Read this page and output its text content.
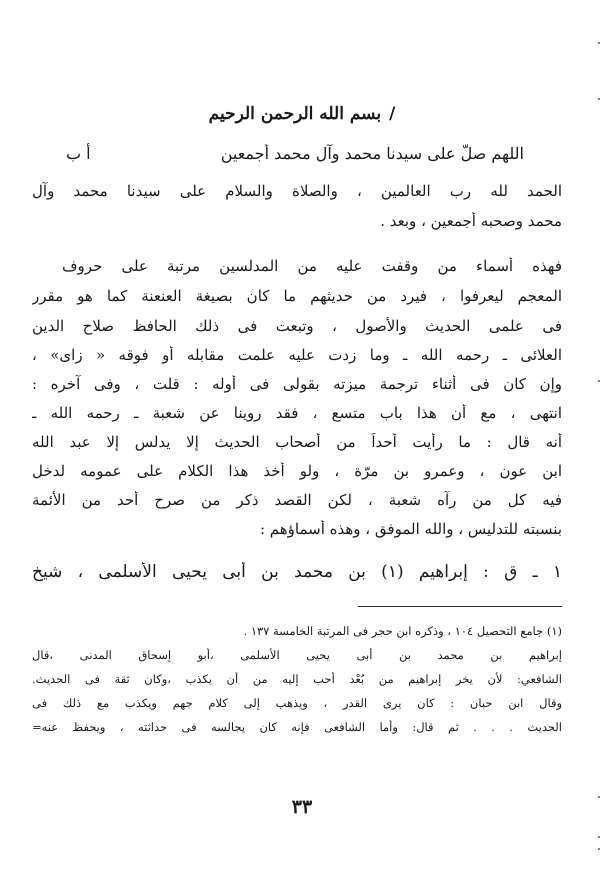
/بسم الله الرحمن الرحيم
اللهم صلّ على سيدنا محمد وآل محمد أجمعين
أ ب
الحمد لله رب العالمين ، والصلاة والسلام على سيدنا محمد وآل
محمد وصحبه أجمعين ، وبعد .
فهذه أسماء من وقفت عليه من المدلسين مرتبة على حروف
المعجم ليعرفوا ، فيرد من حديثهم ما كان بصيغة العنعنة كما هو مقرر
فى علمى الحديث والأصول ، وتبعت فى ذلك الحافظ صلاح الدين
العلائى ـ رحمه الله ـ وما زدت عليه علمت مقابله أو فوقه « زاى» ،
وإن كان فى أثناء ترجمة ميزته بقولى فى أوله : قلت ، وفى آخره :
انتهى ، مع أن هذا باب متسع ، فقد روينا عن شعبة ـ رحمه الله ـ
أنه قال : ما رأيت أحداً من أصحاب الحديث إلا يدلس إلا عبد الله
ابن عون ، وعمرو بن مرّة ، ولو أخذ هذا الكلام على عمومه لدخل
فيه كل من رآه شعبة ، لكن القصد ذكر من صرح أحد من الأئمة
بنسبته للتدليس ، والله الموفق ، وهذه أسماؤهم :
١ ـ ق : إبراهيم (١) بن محمد بن أبى يحيى الأسلمى ، شيخ
(١) جامع التحصيل ١٠٤ ، وذكره ابن حجر فى المرتبة الخامسة ١٣٧ .
إبراهيم بن محمد بن أبى يحيى الأسلمى ،أبو إسحاق المدنى ،قال
الشافعي: لأن يخر إبراهيم من بُعْد أحب إليه من أن يكذب ،وكان ثقة فى الحديث.
وقال ابن حبان : كان يرى القدر ، ويذهب إلى كلام جهم ويكذب مع ذلك فى
الحديث . . . ثم قال: وأما الشافعى فإنه كان يجالسه فى حداثته ، ويحفظ عنه=
٣٣
